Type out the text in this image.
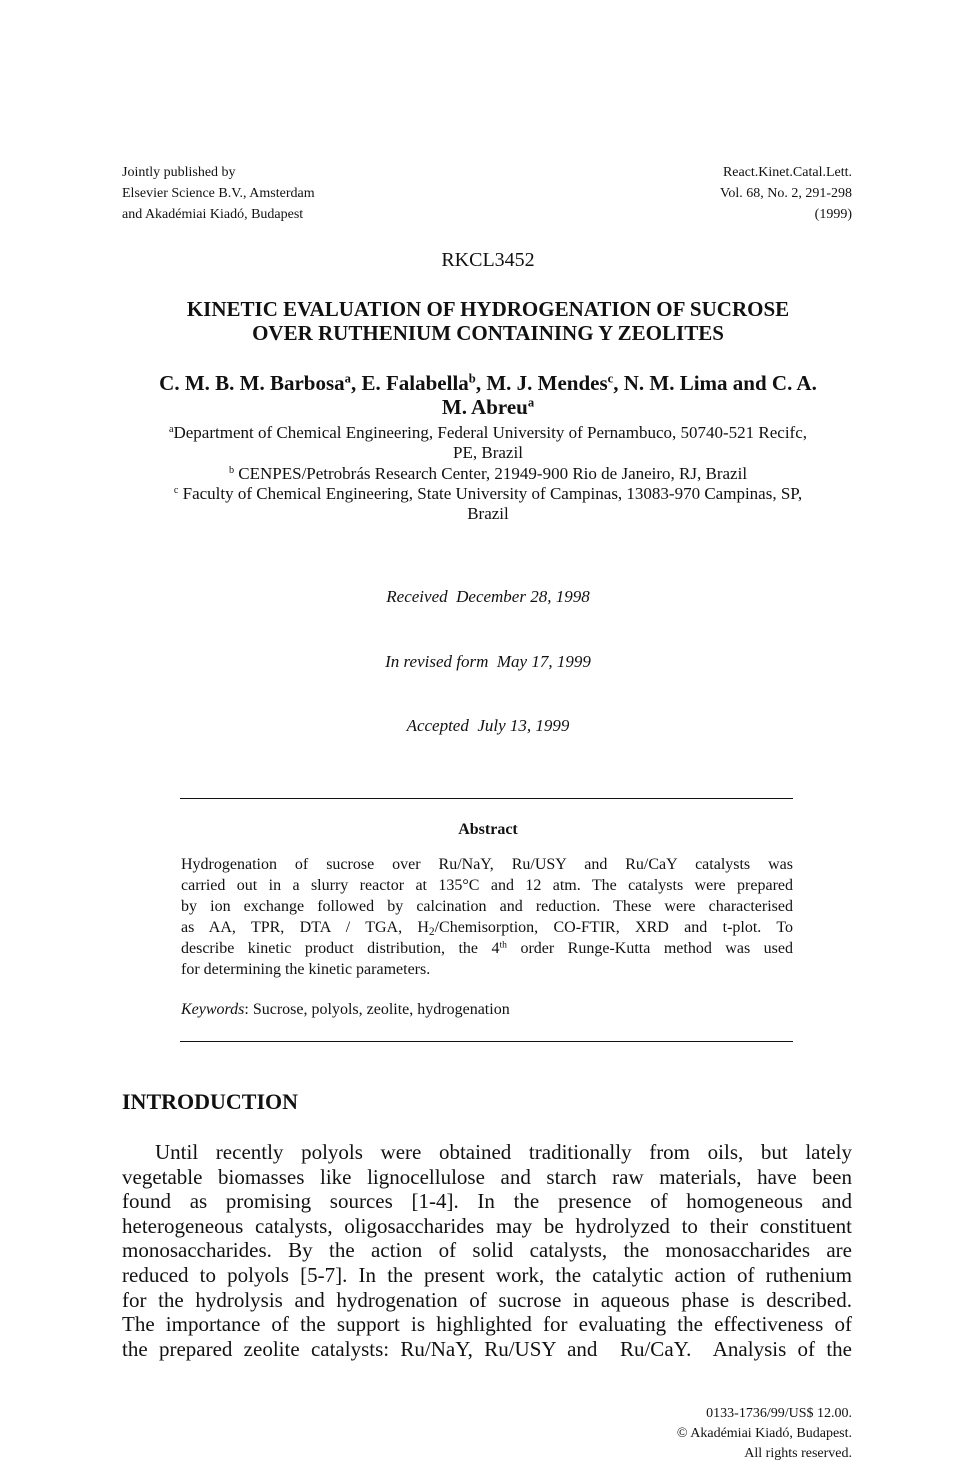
Jointly published by
Elsevier Science B.V., Amsterdam
and Akadémiai Kiadó, Budapest
React.Kinet.Catal.Lett.
Vol. 68, No. 2, 291-298
(1999)
RKCL3452
KINETIC EVALUATION OF HYDROGENATION OF SUCROSE
OVER RUTHENIUM CONTAINING Y ZEOLITES
C. M. B. M. Barbosa$^a$, E. Falabella$^b$, M. J. Mendes$^c$, N. M. Lima and C. A.
M. Abreu$^a$
$^a$Department of Chemical Engineering, Federal University of Pernambuco, 50740-521 Recifc,
PE, Brazil
$^b$ CENPES/Petrobrás Research Center, 21949-900 Rio de Janeiro, RJ, Brazil
$^c$ Faculty of Chemical Engineering, State University of Campinas, 13083-970 Campinas, SP,
Brazil

Received  December 28, 1998

In revised form  May 17, 1999

Accepted  July 13, 1999

Abstract
Hydrogenation of sucrose over Ru/NaY, Ru/USY and Ru/CaY catalysts was
carried out in a slurry reactor at 135°C and 12 atm. The catalysts were prepared
by ion exchange followed by calcination and reduction. These were characterised
as AA, TPR, DTA / TGA, $H_2$/Chemisorption, CO-FTIR, XRD and t-plot. To
describe kinetic product distribution, the 4th order Runge-Kutta method was used
for determining the kinetic parameters.
Keywords: Sucrose, polyols, zeolite, hydrogenation
INTRODUCTION
Until recently polyols were obtained traditionally from oils, but lately
vegetable biomasses like lignocellulose and starch raw materials, have been
found as promising sources [1-4]. In the presence of homogeneous and
heterogeneous catalysts, oligosaccharides may be hydrolyzed to their constituent
monosaccharides. By the action of solid catalysts, the monosaccharides are
reduced to polyols [5-7]. In the present work, the catalytic action of ruthenium
for the hydrolysis and hydrogenation of sucrose in aqueous phase is described.
The importance of the support is highlighted for evaluating the effectiveness of
the prepared zeolite catalysts: Ru/NaY, Ru/USY and  Ru/CaY.  Analysis of the
0133-1736/99/US$ 12.00.
© Akadémiai Kiadó, Budapest.
All rights reserved.
